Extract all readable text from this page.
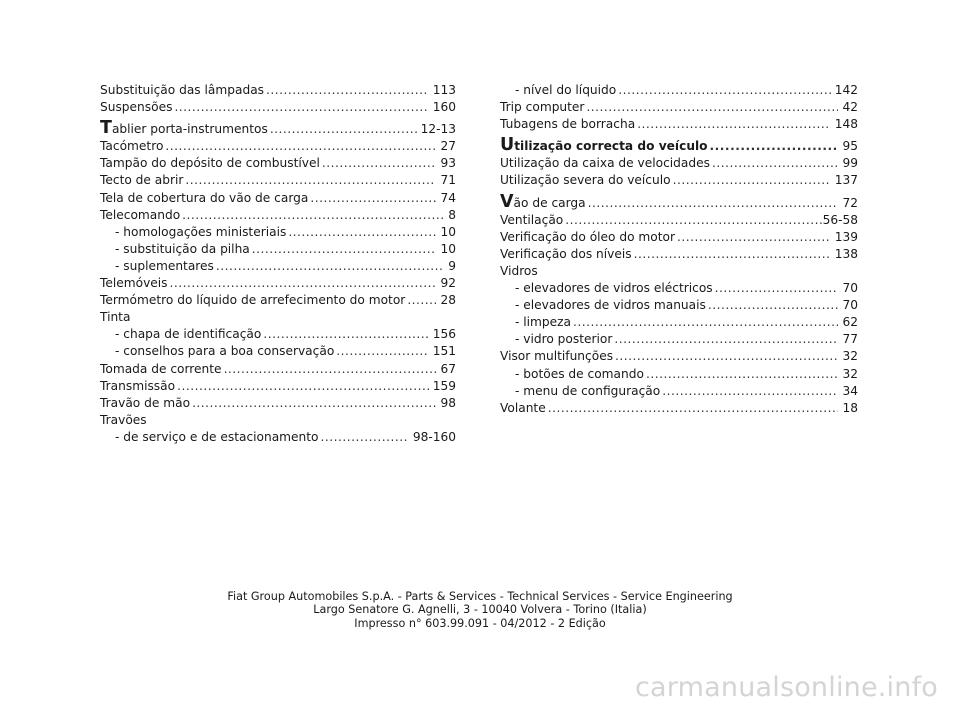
Substituição das lâmpadas .....	113
Suspensões .....	160
Tablier porta-instrumentos .....	12-13
Tacómetro .....	27
Tampão do depósito de combustível .....	93
Tecto de abrir .....	71
Tela de cobertura do vão de carga .....	74
Telecomando .....	8
- homologações ministeriais .....	10
- substituição da pilha .....	10
- suplementares .....	9
Telemóveis .....	92
Termómetro do líquido de arrefecimento do motor .....	28
Tinta
- chapa de identificação .....	156
- conselhos para a boa conservação .....	151
Tomada de corrente .....	67
Transmissão .....	159
Travão de mão .....	98
Travões
- de serviço e de estacionamento .....	98-160
- nível do líquido .....	142
Trip computer .....	42
Tubagens de borracha .....	148
Utilização correcta do veículo .....	95
Utilização da caixa de velocidades .....	99
Utilização severa do veículo .....	137
Vão de carga .....	72
Ventilação .....	56-58
Verificação do óleo do motor .....	139
Verificação dos níveis .....	138
Vidros
- elevadores de vidros eléctricos .....	70
- elevadores de vidros manuais .....	70
- limpeza .....	62
- vidro posterior .....	77
Visor multifunções .....	32
- botões de comando .....	32
- menu de configuração .....	34
Volante .....	18
Fiat Group Automobiles S.p.A. - Parts & Services - Technical Services - Service Engineering
Largo Senatore G. Agnelli, 3 - 10040 Volvera - Torino (Italia)
Impresso n° 603.99.091 - 04/2012 - 2 Edição
carmanualsonline.info
